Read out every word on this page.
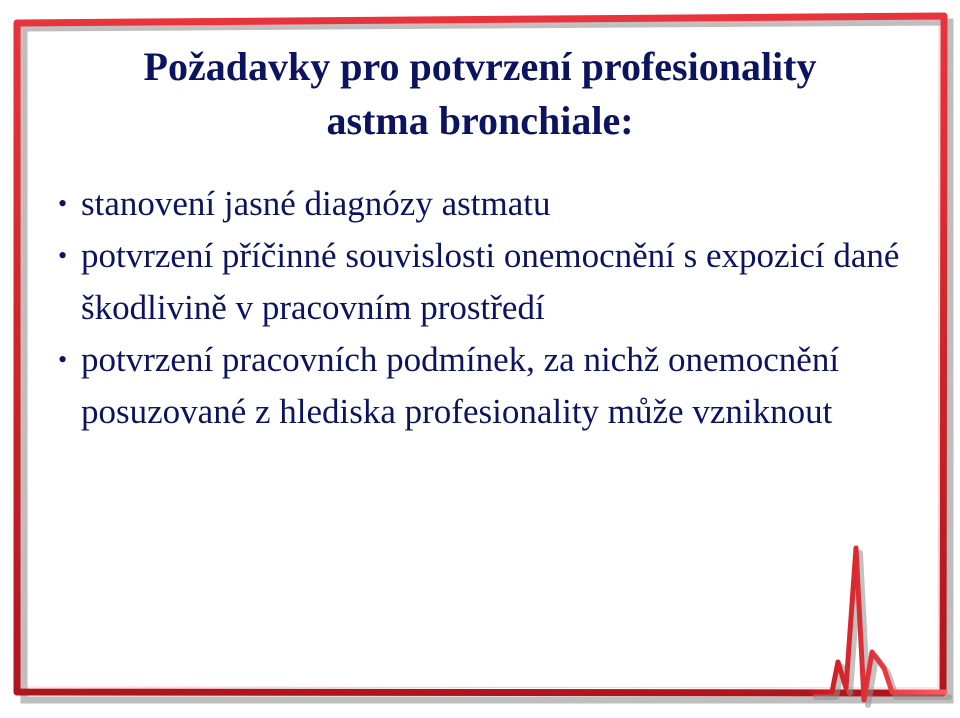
Požadavky pro potvrzení profesionality
astma bronchiale:
• stanovení jasné diagnózy astmatu
• potvrzení příčinné souvislosti onemocnění s expozicí dané škodlivině v pracovním prostředí
• potvrzení pracovních podmínek, za nichž onemocnění posuzované z hlediska profesionality může vzniknout
